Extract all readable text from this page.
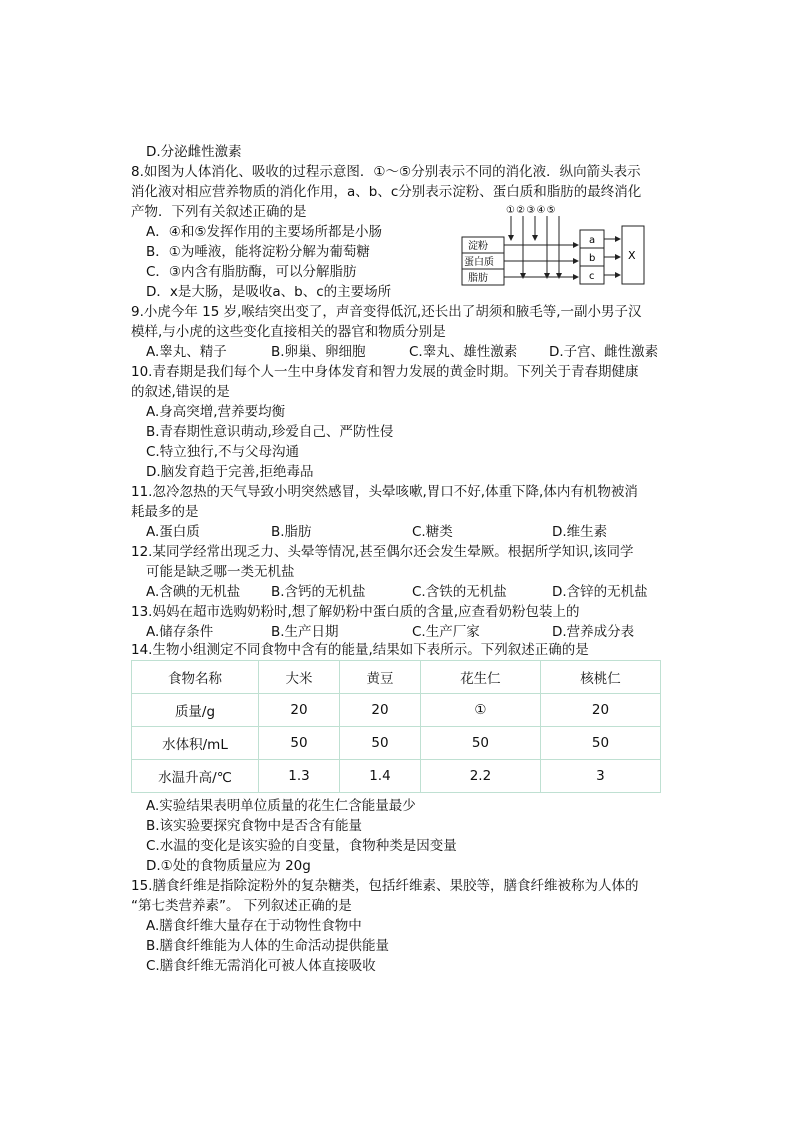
D.分泌雌性激素
8.如图为人体消化、吸收的过程示意图．①～⑤分别表示不同的消化液．纵向箭头表示
消化液对相应营养物质的消化作用，a、b、c分别表示淀粉、蛋白质和脂肪的最终消化
产物．下列有关叙述正确的是
A．④和⑤发挥作用的主要场所都是小肠
B．①为唾液，能将淀粉分解为葡萄糖
C．③内含有脂肪酶，可以分解脂肪
D．x是大肠，是吸收a、b、c的主要场所
①②③④⑤
淀粉
蛋白质
脂肪
a
b
c
X
9.小虎今年 15 岁,喉结突出变了，声音变得低沉,还长出了胡须和腋毛等,一副小男子汉
模样,与小虎的这些变化直接相关的器官和物质分别是
A.睾丸、精子	B.卵巢、卵细胞	C.睾丸、雄性激素 D.子宫、雌性激素
10.青春期是我们每个人一生中身体发育和智力发展的黄金时期。下列关于青春期健康
的叙述,错误的是
A.身高突增,营养要均衡
B.青春期性意识萌动,珍爱自己、严防性侵
C.特立独行,不与父母沟通
D.脑发育趋于完善,拒绝毒品
11.忽冷忽热的天气导致小明突然感冒，头晕咳嗽,胃口不好,体重下降,体内有机物被消
耗最多的是
A.蛋白质	B.脂肪	C.糖类	D.维生素
12.某同学经常出现乏力、头晕等情况,甚至偶尔还会发生晕厥。根据所学知识,该同学
可能是缺乏哪一类无机盐
A.含碘的无机盐 B.含钙的无机盐	C.含铁的无机盐	D.含锌的无机盐
13.妈妈在超市选购奶粉时,想了解奶粉中蛋白质的含量,应查看奶粉包装上的
A.储存条件	B.生产日期	C.生产厂家	D.营养成分表
14.生物小组测定不同食物中含有的能量,结果如下表所示。下列叙述正确的是
食物名称	大米	黄豆	花生仁	核桃仁
质量/g	20	20	①	20
水体积/mL	50	50	50	50
水温升高/℃	1.3	1.4	2.2	3
A.实验结果表明单位质量的花生仁含能量最少
B.该实验要探究食物中是否含有能量
C.水温的变化是该实验的自变量，食物种类是因变量
D.①处的食物质量应为 20g
15.膳食纤维是指除淀粉外的复杂糖类，包括纤维素、果胶等，膳食纤维被称为人体的
“第七类营养素”。 下列叙述正确的是
A.膳食纤维大量存在于动物性食物中
B.膳食纤维能为人体的生命活动提供能量
C.膳食纤维无需消化可被人体直接吸收
